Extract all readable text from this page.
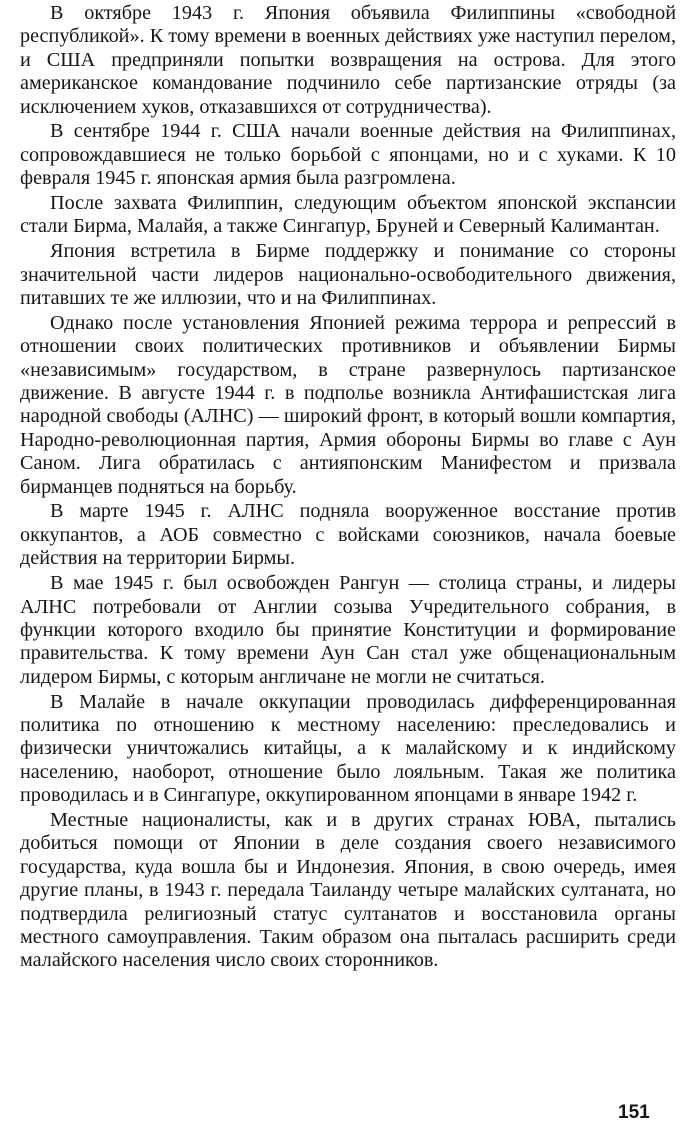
В октябре 1943 г. Япония объявила Филиппины «свободной республикой». К тому времени в военных действиях уже наступил перелом, и США предприняли попытки возвращения на острова. Для этого американское командование подчинило себе партизанские отряды (за исключением хуков, отказавшихся от сотрудничества).

В сентябре 1944 г. США начали военные действия на Филиппинах, сопровождавшиеся не только борьбой с японцами, но и с хуками. К 10 февраля 1945 г. японская армия была разгромлена.

После захвата Филиппин, следующим объектом японской экспансии стали Бирма, Малайя, а также Сингапур, Бруней и Северный Калимантан.

Япония встретила в Бирме поддержку и понимание со стороны значительной части лидеров национально-освободительного движения, питавших те же иллюзии, что и на Филиппинах.

Однако после установления Японией режима террора и репрессий в отношении своих политических противников и объявлении Бирмы «независимым» государством, в стране развернулось партизанское движение. В августе 1944 г. в подполье возникла Антифашистская лига народной свободы (АЛНС) — широкий фронт, в который вошли компартия, Народно-революционная партия, Армия обороны Бирмы во главе с Аун Саном. Лига обратилась с антияпонским Манифестом и призвала бирманцев подняться на борьбу.

В марте 1945 г. АЛНС подняла вооруженное восстание против оккупантов, а АОБ совместно с войсками союзников, начала боевые действия на территории Бирмы.

В мае 1945 г. был освобожден Рангун — столица страны, и лидеры АЛНС потребовали от Англии созыва Учредительного собрания, в функции которого входило бы принятие Конституции и формирование правительства. К тому времени Аун Сан стал уже общенациональным лидером Бирмы, с которым англичане не могли не считаться.

В Малайе в начале оккупации проводилась дифференцированная политика по отношению к местному населению: преследовались и физически уничтожались китайцы, а к малайскому и к индийскому населению, наоборот, отношение было лояльным. Такая же политика проводилась и в Сингапуре, оккупированном японцами в январе 1942 г.

Местные националисты, как и в других странах ЮВА, пытались добиться помощи от Японии в деле создания своего независимого государства, куда вошла бы и Индонезия. Япония, в свою очередь, имея другие планы, в 1943 г. передала Таиланду четыре малайских султаната, но подтвердила религиозный статус султанатов и восстановила органы местного самоуправления. Таким образом она пыталась расширить среди малайского населения число своих сторонников.

151
